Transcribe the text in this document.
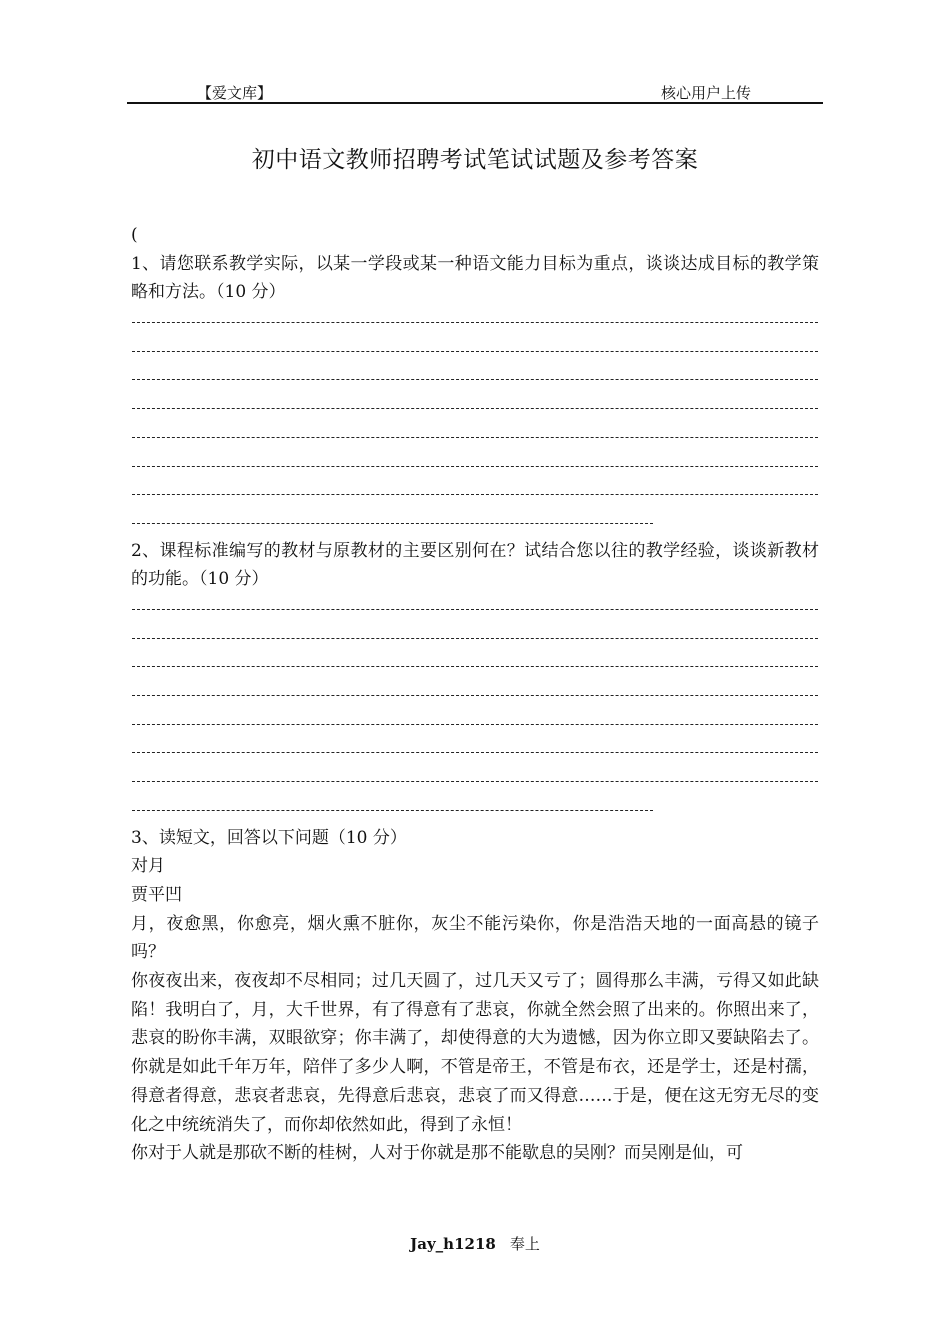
【爱文库】	核心用户上传
初中语文教师招聘考试笔试试题及参考答案

(

1、请您联系教学实际，以某一学段或某一种语文能力目标为重点，谈谈达成目标的教学策略和方法。（10 分）

2、课程标准编写的教材与原教材的主要区别何在？试结合您以往的教学经验，谈谈新教材的功能。（10 分）

3、读短文，回答以下问题（10 分）

对月

贾平凹

月，夜愈黑，你愈亮，烟火熏不脏你，灰尘不能污染你，你是浩浩天地的一面高悬的镜子吗？

你夜夜出来，夜夜却不尽相同；过几天圆了，过几天又亏了；圆得那么丰满，亏得又如此缺陷！我明白了，月，大千世界，有了得意有了悲哀，你就全然会照了出来的。你照出来了，悲哀的盼你丰满，双眼欲穿；你丰满了，却使得意的大为遗憾，因为你立即又要缺陷去了。你就是如此千年万年，陪伴了多少人啊，不管是帝王，不管是布衣，还是学士，还是村孺，得意者得意，悲哀者悲哀，先得意后悲哀，悲哀了而又得意……于是，便在这无穷无尽的变化之中统统消失了，而你却依然如此，得到了永恒！

你对于人就是那砍不断的桂树，人对于你就是那不能歇息的吴刚？而吴刚是仙，可

Jay_h1218 奉上
